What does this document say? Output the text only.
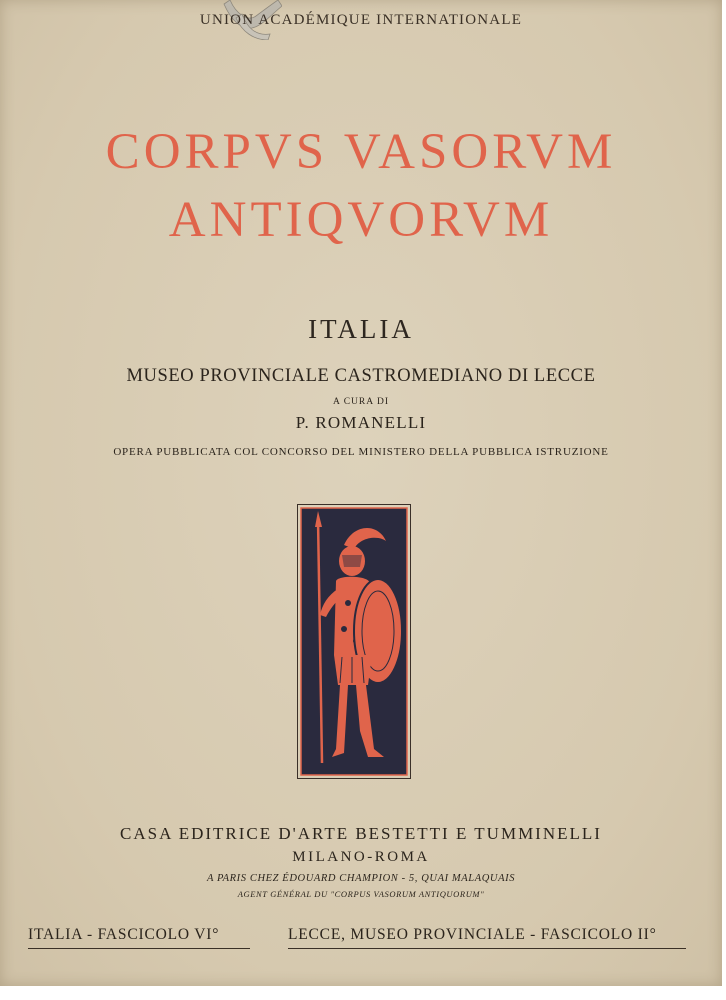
UNION ACADÉMIQUE INTERNATIONALE
CORPVS VASORVM
ANTIQVORVM
ITALIA
MUSEO PROVINCIALE CASTROMEDIANO DI LECCE
A CURA DI
P. ROMANELLI
OPERA PUBBLICATA COL CONCORSO DEL MINISTERO DELLA PUBBLICA ISTRUZIONE
CASA EDITRICE D'ARTE BESTETTI E TUMMINELLI
MILANO-ROMA
A PARIS CHEZ ÉDOUARD CHAMPION - 5, QUAI MALAQUAIS
AGENT GÉNÉRAL DU "CORPUS VASORUM ANTIQUORUM"
ITALIA - FASCICOLO VI°	LECCE, MUSEO PROVINCIALE - FASCICOLO II°
